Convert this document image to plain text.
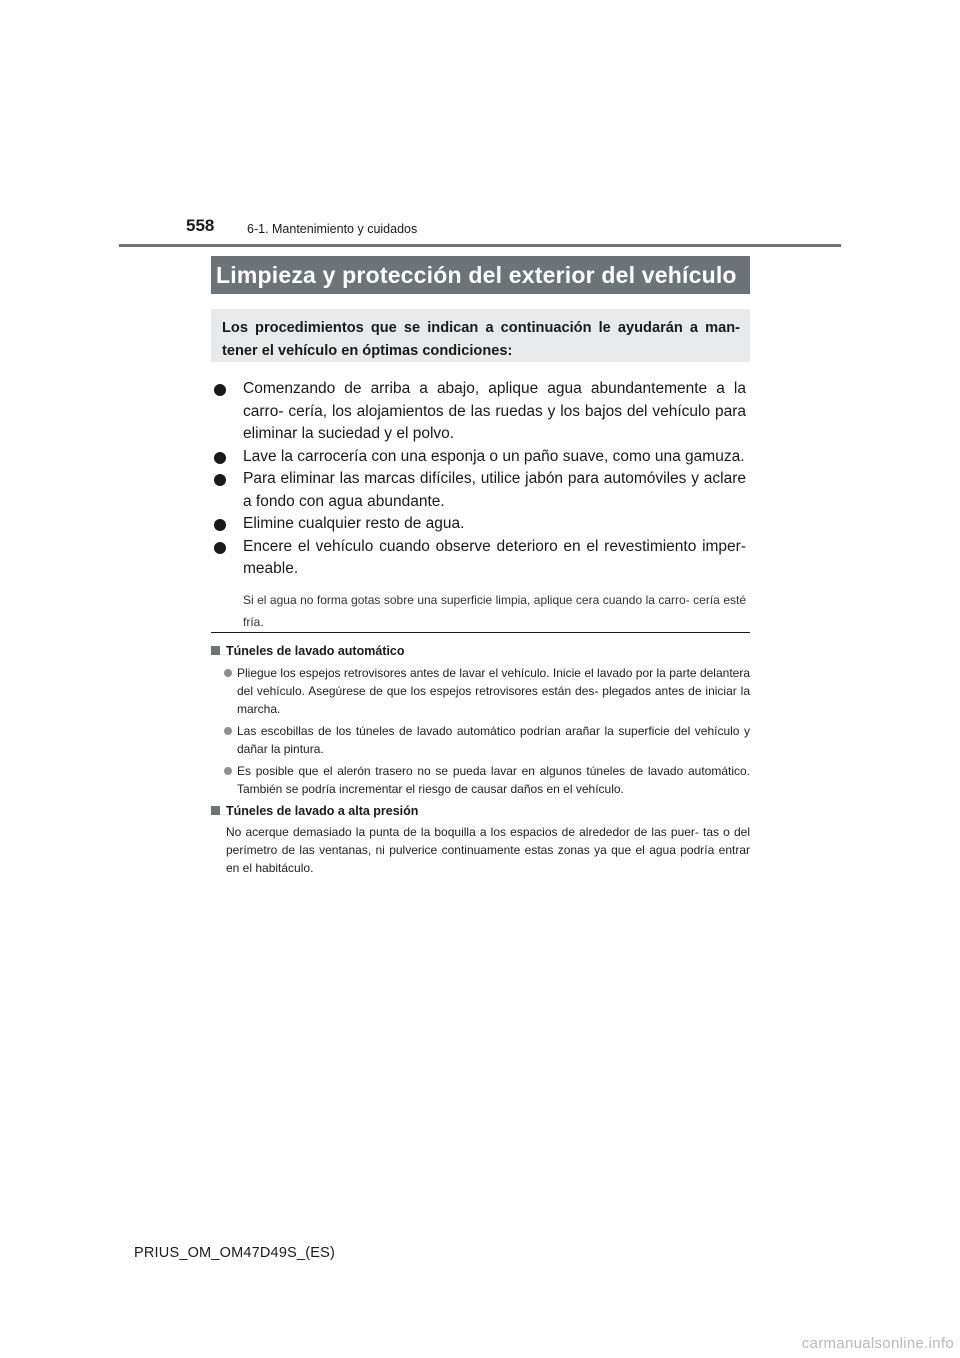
558	6-1. Mantenimiento y cuidados
Limpieza y protección del exterior del vehículo
Los procedimientos que se indican a continuación le ayudarán a man-
tener el vehículo en óptimas condiciones:
Comenzando de arriba a abajo, aplique agua abundantemente a la carro- cería, los alojamientos de las ruedas y los bajos del vehículo para eliminar la suciedad y el polvo.
Lave la carrocería con una esponja o un paño suave, como una gamuza.
Para eliminar las marcas difíciles, utilice jabón para automóviles y aclare a fondo con agua abundante.
Elimine cualquier resto de agua.
Encere el vehículo cuando observe deterioro en el revestimiento imper- meable.
Si el agua no forma gotas sobre una superficie limpia, aplique cera cuando la carro- cería esté fría.
Túneles de lavado automático
Pliegue los espejos retrovisores antes de lavar el vehículo. Inicie el lavado por la parte delantera del vehículo. Asegúrese de que los espejos retrovisores están des- plegados antes de iniciar la marcha.
Las escobillas de los túneles de lavado automático podrían arañar la superficie del vehículo y dañar la pintura.
Es posible que el alerón trasero no se pueda lavar en algunos túneles de lavado automático. También se podría incrementar el riesgo de causar daños en el vehículo.
Túneles de lavado a alta presión
No acerque demasiado la punta de la boquilla a los espacios de alrededor de las puer- tas o del perímetro de las ventanas, ni pulverice continuamente estas zonas ya que el agua podría entrar en el habitáculo.
PRIUS_OM_OM47D49S_(ES)
carmanualsonline.info
